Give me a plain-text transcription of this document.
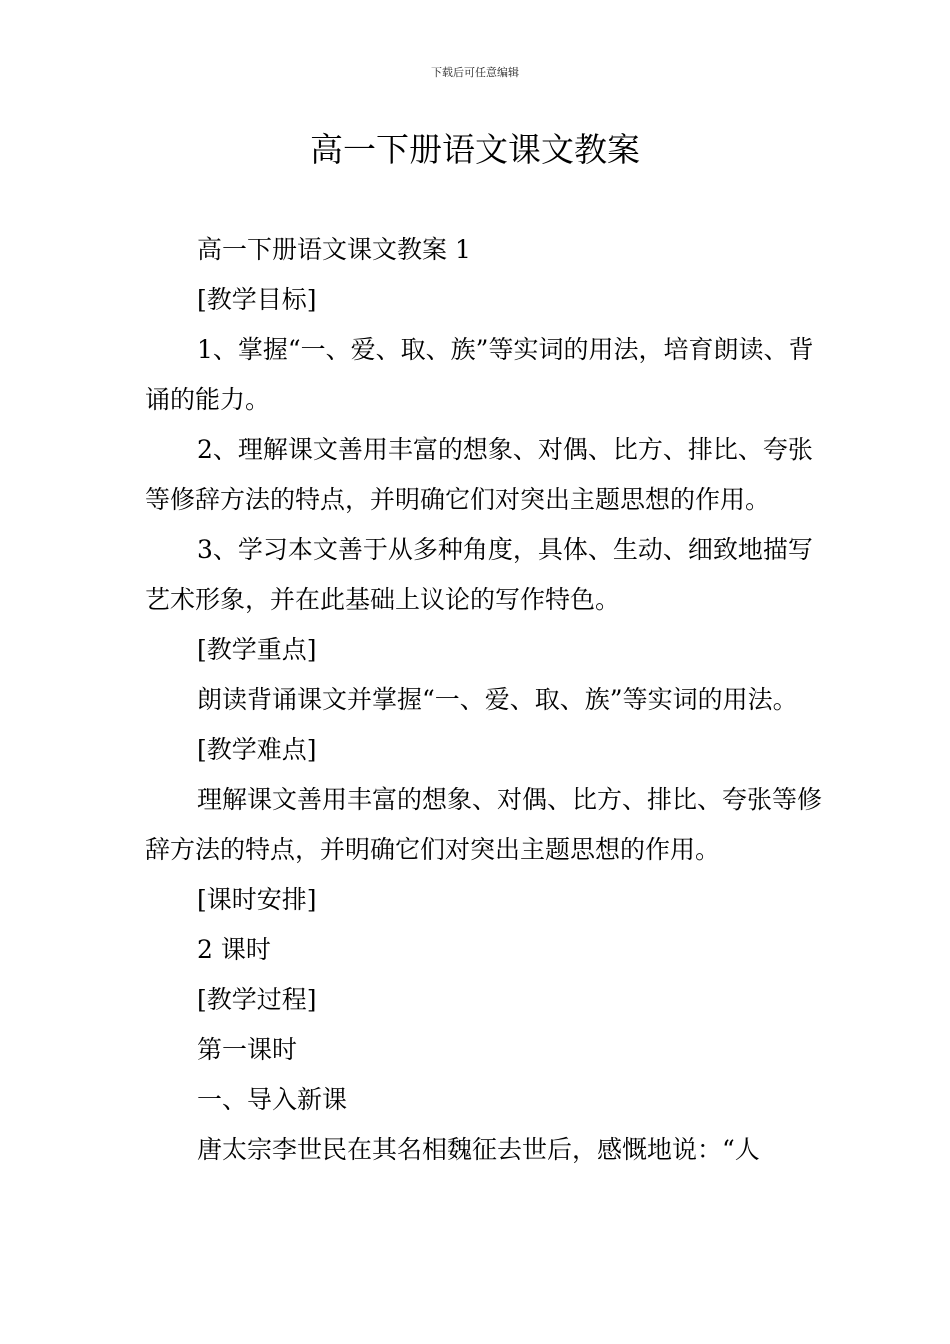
下载后可任意编辑
高一下册语文课文教案

高一下册语文课文教案 1

[教学目标]

1、掌握“一、爱、取、族”等实词的用法，培育朗读、背诵的能力。

2、理解课文善用丰富的想象、对偶、比方、排比、夸张等修辞方法的特点，并明确它们对突出主题思想的作用。

3、学习本文善于从多种角度，具体、生动、细致地描写艺术形象，并在此基础上议论的写作特色。

[教学重点]

朗读背诵课文并掌握“一、爱、取、族”等实词的用法。

[教学难点]

理解课文善用丰富的想象、对偶、比方、排比、夸张等修辞方法的特点，并明确它们对突出主题思想的作用。

[课时安排]

2 课时

[教学过程]

第一课时

一、导入新课

唐太宗李世民在其名相魏征去世后，感慨地说：“人
